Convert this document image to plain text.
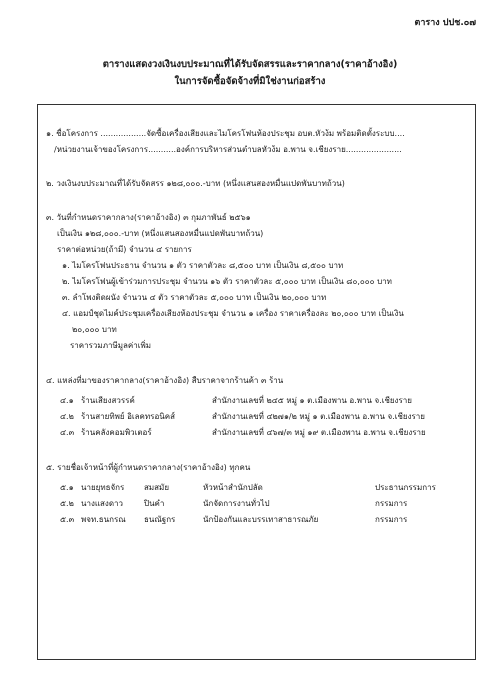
ตาราง ปปช.๐๗
ตารางแสดงวงเงินงบประมาณที่ได้รับจัดสรรและราคากลาง(ราคาอ้างอิง)
ในการจัดซื้อจัดจ้างที่มิใช่งานก่อสร้าง
๑. ชื่อโครงการ ..................จัดซื้อเครื่องเสียงและไมโครโฟนห้องประชุม อบต.หัวง้ม พร้อมติดตั้งระบบ....
/หน่วยงานเจ้าของโครงการ...........องค์การบริหารส่วนตำบลหัวง้ม อ.พาน จ.เชียงราย......................
๒. วงเงินงบประมาณที่ได้รับจัดสรร ๑๒๘,๐๐๐.-บาท (หนึ่งแสนสองหมื่นแปดพันบาทถ้วน)
๓. วันที่กำหนดราคากลาง(ราคาอ้างอิง) ๓ กุมภาพันธ์ ๒๕๖๑
เป็นเงิน ๑๒๘,๐๐๐.-บาท (หนึ่งแสนสองหมื่นแปดพันบาทถ้วน)
ราคาต่อหน่วย(ถ้ามี) จำนวน ๔ รายการ
๑. ไมโครโฟนประธาน จำนวน ๑ ตัว ราคาตัวละ ๘,๕๐๐ บาท เป็นเงิน ๘,๕๐๐ บาท
๒. ไมโครโฟนผู้เข้าร่วมการประชุม จำนวน ๑๖ ตัว ราคาตัวละ ๕,๐๐๐ บาท เป็นเงิน ๘๐,๐๐๐ บาท
๓. ลำโพงติดผนัง จำนวน ๔ ตัว ราคาตัวละ ๕,๐๐๐ บาท เป็นเงิน ๒๐,๐๐๐ บาท
๔. แอมป์ชุดไมค์ประชุมเครื่องเสียงห้องประชุม จำนวน ๑ เครื่อง ราคาเครื่องละ ๒๐,๐๐๐ บาท เป็นเงิน
๒๐,๐๐๐ บาท
ราคารวมภาษีมูลค่าเพิ่ม
๔. แหล่งที่มาของราคากลาง(ราคาอ้างอิง) สืบราคาจากร้านค้า ๓ ร้าน
๔.๑ ร้านเสียงสวรรค์	สำนักงานเลขที่ ๒๔๕ หมู่ ๑ ต.เมืองพาน อ.พาน จ.เชียงราย
๔.๒ ร้านสายทิพย์ อิเลคทรอนิคส์	สำนักงานเลขที่ ๔๒๗๑/๒ หมู่ ๑ ต.เมืองพาน อ.พาน จ.เชียงราย
๔.๓ ร้านคลังคอมพิวเตอร์	สำนักงานเลขที่ ๔๖๗/๓ หมู่ ๑๙ ต.เมืองพาน อ.พาน จ.เชียงราย
๕. รายชื่อเจ้าหน้าที่ผู้กำหนดราคากลาง(ราคาอ้างอิง) ทุกคน
๕.๑ นายยุทธจักร สมสมัย	หัวหน้าสำนักปลัด	ประธานกรรมการ
๕.๒ นางแสงดาว	ปินคำ	นักจัดการงานทั่วไป	กรรมการ
๕.๓ พจท.ธนกรณ ธนณัฐกร	นักป้องกันและบรรเทาสาธารณภัย	กรรมการ
